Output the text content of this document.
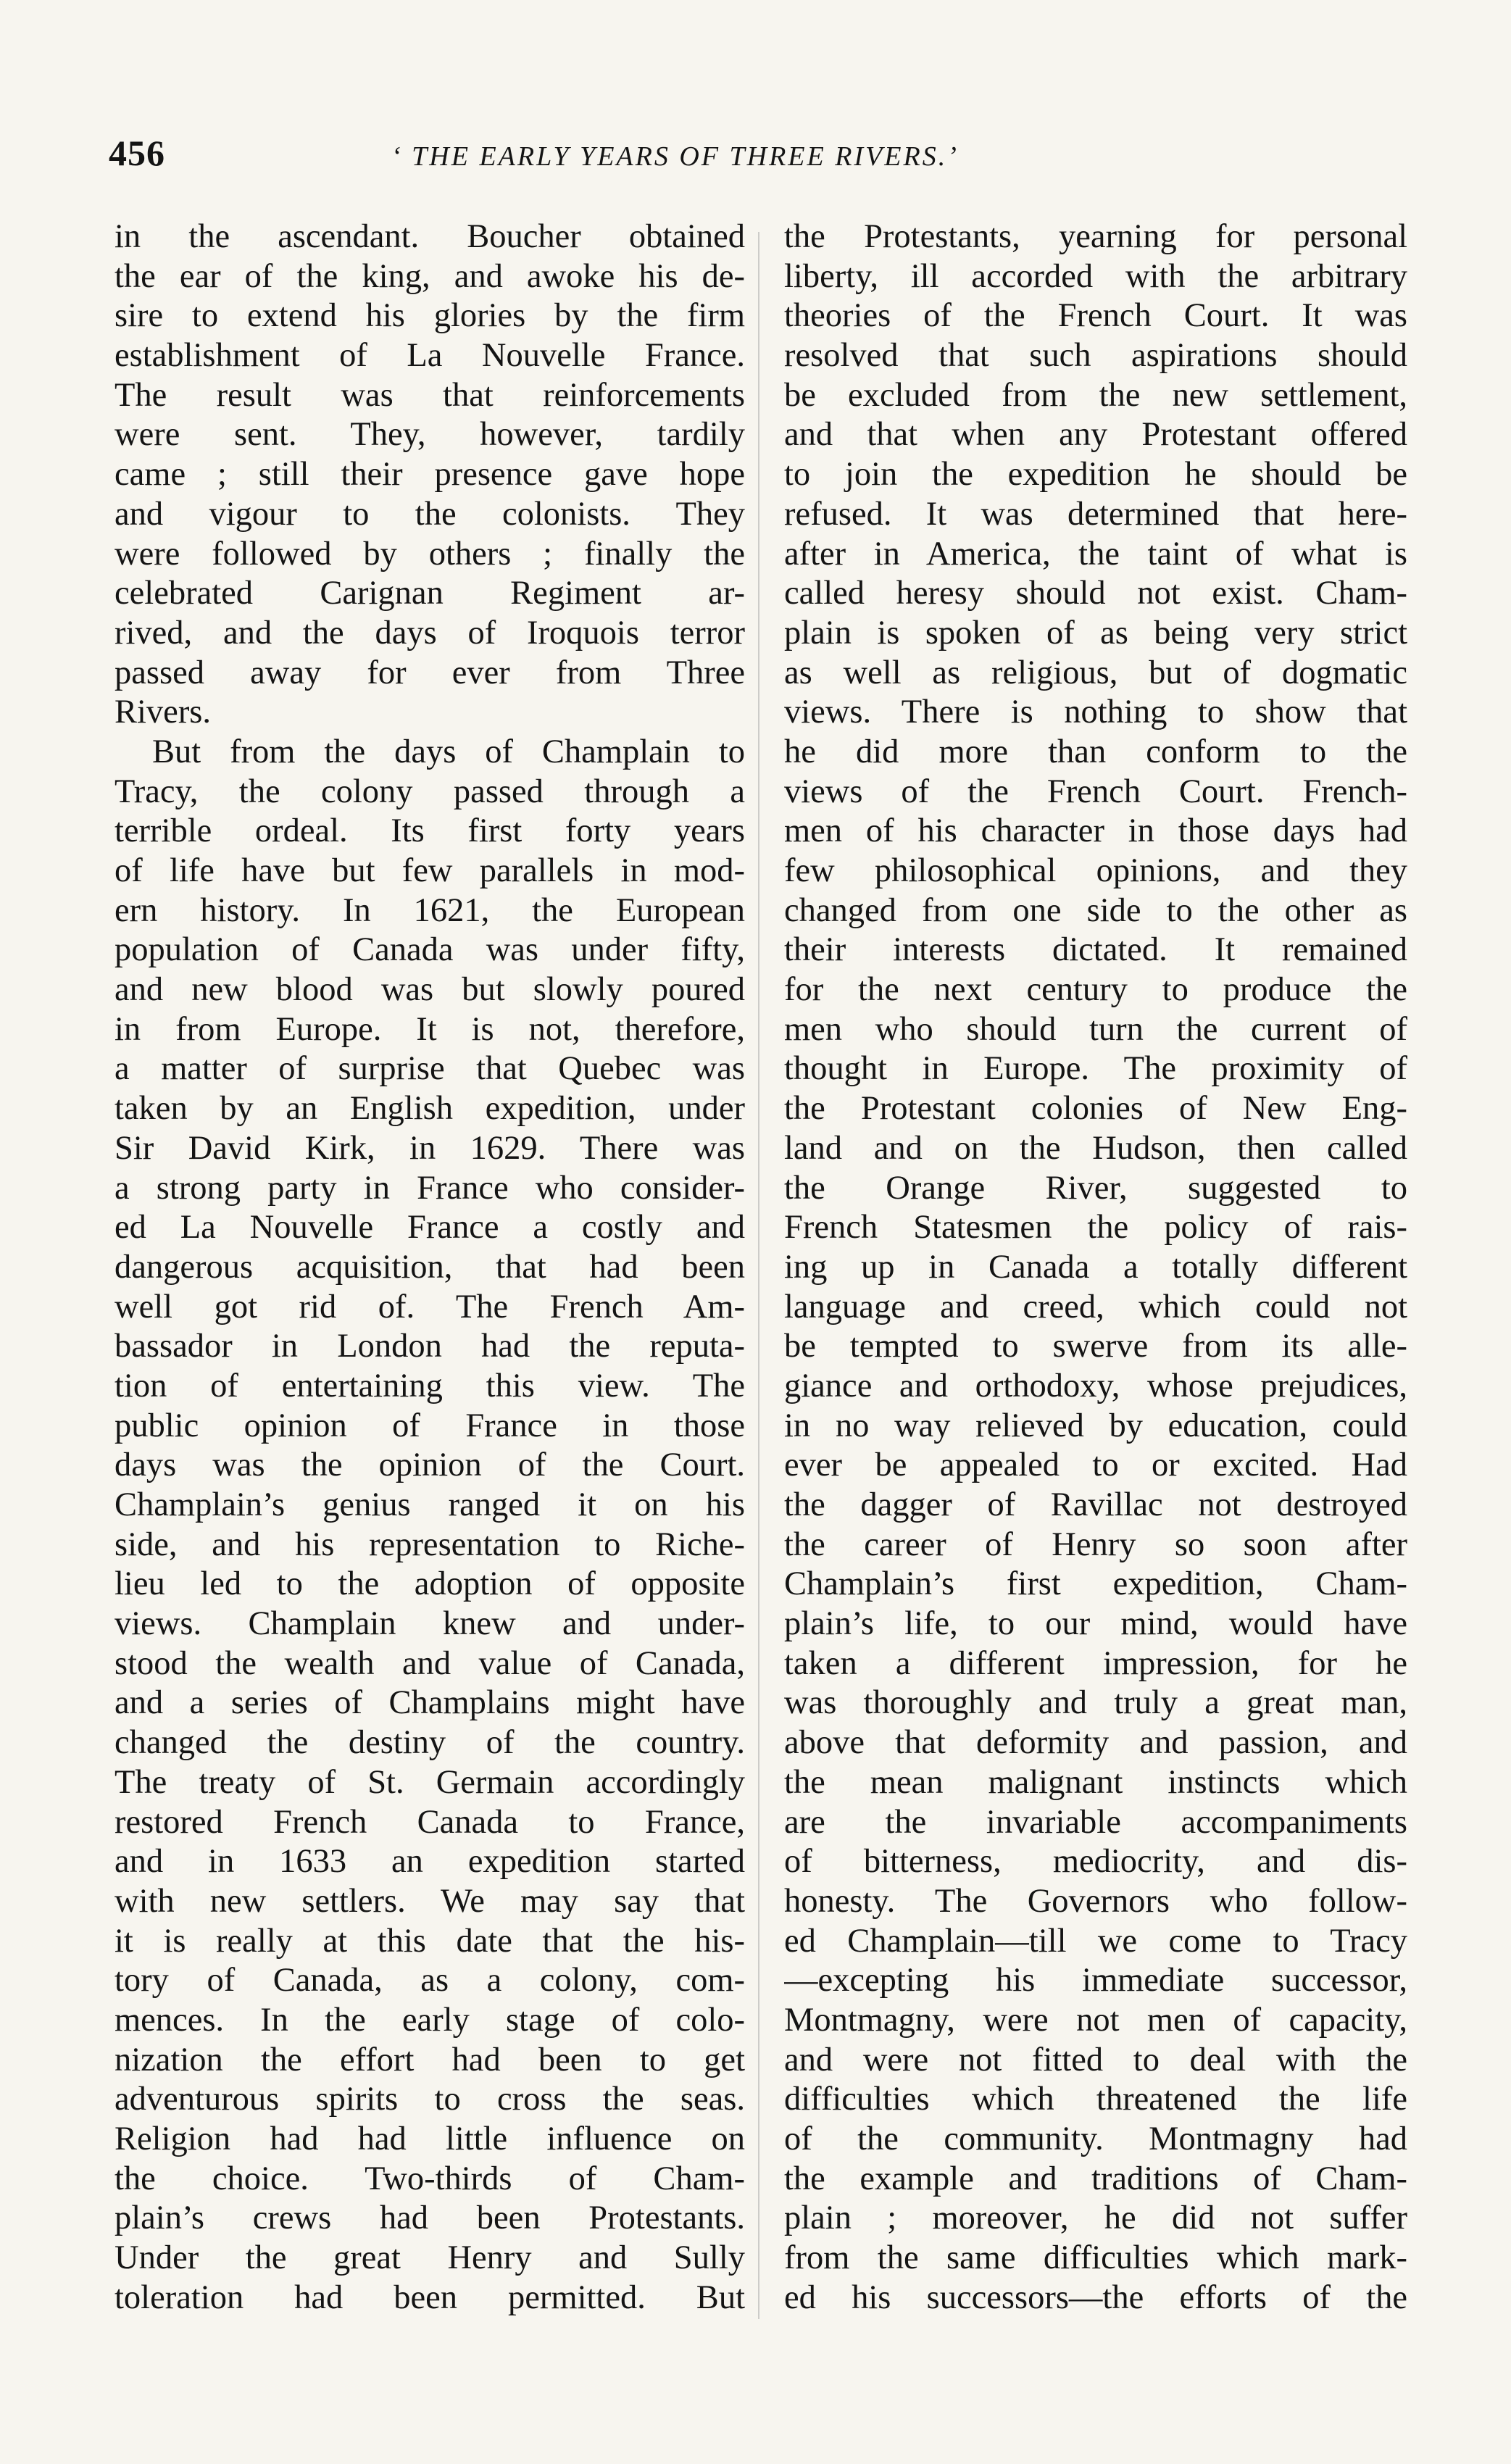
456	‘ THE EARLY YEARS OF THREE RIVERS.’
in the ascendant. Boucher obtained
the ear of the king, and awoke his de-
sire to extend his glories by the firm
establishment of La Nouvelle France.
The result was that reinforcements
were sent. They, however, tardily
came ; still their presence gave hope
and vigour to the colonists. They
were followed by others ; finally the
celebrated Carignan Regiment ar-
rived, and the days of Iroquois terror
passed away for ever from Three
Rivers.
But from the days of Champlain to
Tracy, the colony passed through a
terrible ordeal. Its first forty years
of life have but few parallels in mod-
ern history. In 1621, the European
population of Canada was under fifty,
and new blood was but slowly poured
in from Europe. It is not, therefore,
a matter of surprise that Quebec was
taken by an English expedition, under
Sir David Kirk, in 1629. There was
a strong party in France who consider-
ed La Nouvelle France a costly and
dangerous acquisition, that had been
well got rid of. The French Am-
bassador in London had the reputa-
tion of entertaining this view. The
public opinion of France in those
days was the opinion of the Court.
Champlain’s genius ranged it on his
side, and his representation to Riche-
lieu led to the adoption of opposite
views. Champlain knew and under-
stood the wealth and value of Canada,
and a series of Champlains might have
changed the destiny of the country.
The treaty of St. Germain accordingly
restored French Canada to France,
and in 1633 an expedition started
with new settlers. We may say that
it is really at this date that the his-
tory of Canada, as a colony, com-
mences. In the early stage of colo-
nization the effort had been to get
adventurous spirits to cross the seas.
Religion had had little influence on
the choice. Two-thirds of Cham-
plain’s crews had been Protestants.
Under the great Henry and Sully
toleration had been permitted. But
the Protestants, yearning for personal
liberty, ill accorded with the arbitrary
theories of the French Court. It was
resolved that such aspirations should
be excluded from the new settlement,
and that when any Protestant offered
to join the expedition he should be
refused. It was determined that here-
after in America, the taint of what is
called heresy should not exist. Cham-
plain is spoken of as being very strict
as well as religious, but of dogmatic
views. There is nothing to show that
he did more than conform to the
views of the French Court. French-
men of his character in those days had
few philosophical opinions, and they
changed from one side to the other as
their interests dictated. It remained
for the next century to produce the
men who should turn the current of
thought in Europe. The proximity of
the Protestant colonies of New Eng-
land and on the Hudson, then called
the Orange River, suggested to
French Statesmen the policy of rais-
ing up in Canada a totally different
language and creed, which could not
be tempted to swerve from its alle-
giance and orthodoxy, whose prejudices,
in no way relieved by education, could
ever be appealed to or excited. Had
the dagger of Ravillac not destroyed
the career of Henry so soon after
Champlain’s first expedition, Cham-
plain’s life, to our mind, would have
taken a different impression, for he
was thoroughly and truly a great man,
above that deformity and passion, and
the mean malignant instincts which
are the invariable accompaniments
of bitterness, mediocrity, and dis-
honesty. The Governors who follow-
ed Champlain—till we come to Tracy
—excepting his immediate successor,
Montmagny, were not men of capacity,
and were not fitted to deal with the
difficulties which threatened the life
of the community. Montmagny had
the example and traditions of Cham-
plain ; moreover, he did not suffer
from the same difficulties which mark-
ed his successors—the efforts of the
